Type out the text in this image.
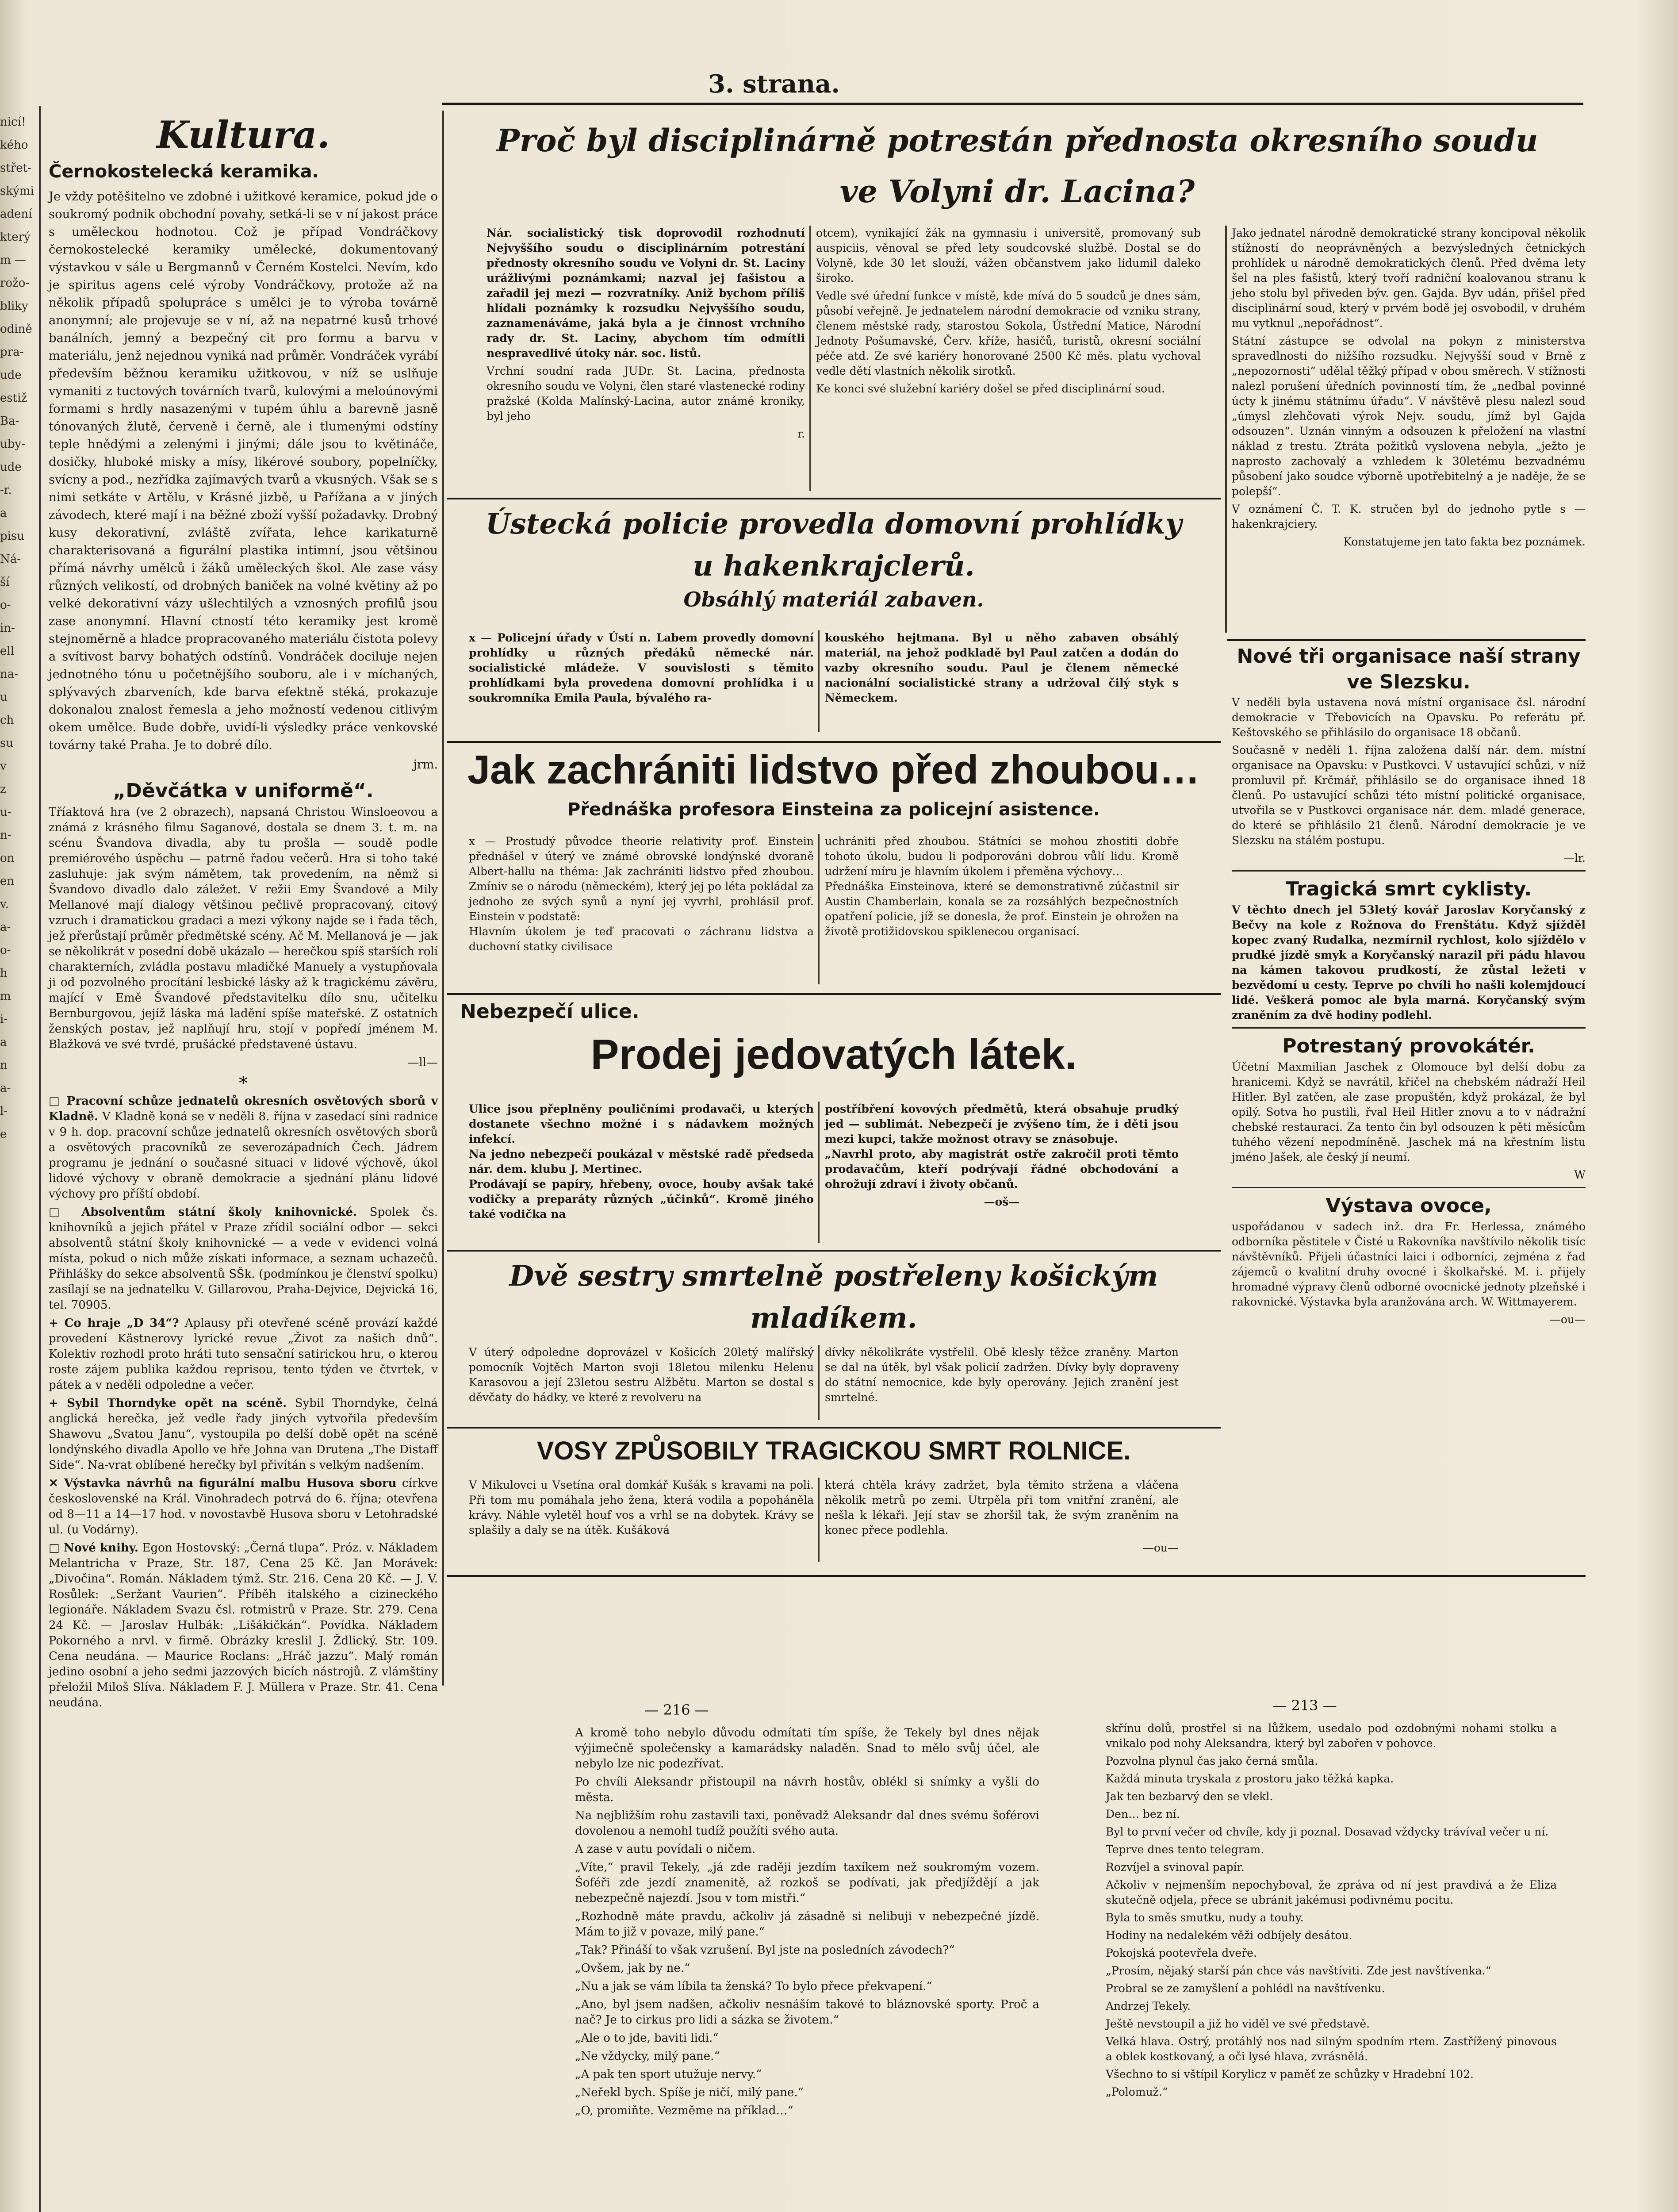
nicí!
kého
střet-
skými
adení
který
m —
rožo-
bliky
odině
pra-
ude
estiž
Ba-
uby-
ude
-r.
a
pisu
Ná-
ší
o-
in-
ell
na-
u
ch
su
v
z
u-
n-
on
en
v.
a-
o-
h
m
i-
a
n
a-
l-
e
3. strana.
Kultura.
Černokostelecká keramika.

Je vždy potěšitelno ve zdobné i užitkové keramice, pokud jde o soukromý podnik obchodní povahy, setká-li se v ní jakost práce s uměleckou hodnotou. Což je případ Vondráčkovy černokostelecké keramiky umělecké, dokumentovaný výstavkou v sále u Bergmannů v Černém Kostelci. Nevím, kdo je spiritus agens celé výroby Vondráčkovy, protože až na několik případů spolupráce s umělci je to výroba továrně anonymní; ale projevuje se v ní, až na nepatrné kusů trhové banálních, jemný a bezpečný cit pro formu a barvu v materiálu, jenž nejednou vyniká nad průměr. Vondráček vyrábí především běžnou keramiku užitkovou, v níž se uslňuje vymaniti z tuctových továrních tvarů, kulovými a meloúnovými formami s hrdly nasazenými v tupém úhlu a barevně jasně tónovaných žlutě, červeně i černě, ale i tlumenými odstíny teple hnědými a zelenými i jinými; dále jsou to květináče, dosičky, hluboké misky a mísy, likérové soubory, popelníčky, svícny a pod., nezřídka zajímavých tvarů a vkusných. Však se s nimi setkáte v Artělu, v Krásné jizbě, u Pařížana a v jiných závodech, které mají i na běžné zboží vyšší požadavky. Drobný kusy dekorativní, zvláště zvířata, lehce karikaturně charakterisovaná a figurální plastika intimní, jsou většinou přímá návrhy umělců i žáků uměleckých škol. Ale zase vásy různých velikostí, od drobných baniček na volné květiny až po velké dekorativní vázy ušlechtilých a vznosných profilů jsou zase anonymní. Hlavní ctností této keramiky jest kromě stejnoměrně a hladce propracovaného materiálu čistota polevy a svítivost barvy bohatých odstínů. Vondráček dociluje nejen jednotného tónu u početnějšího souboru, ale i v míchaných, splývavých zbarveních, kde barva efektně stéká, prokazuje dokonalou znalost řemesla a jeho možností vedenou citlivým okem umělce. Bude dobře, uvidí-li výsledky práce venkovské továrny také Praha. Je to dobré dílo.

jrm.

„Děvčátka v uniformě“.

Tříaktová hra (ve 2 obrazech), napsaná Christou Winsloeovou a známá z krásného filmu Saganové, dostala se dnem 3. t. m. na scénu Švandova divadla, aby tu prošla — soudě podle premiérového úspěchu — patrně řadou večerů. Hra si toho také zasluhuje: jak svým námětem, tak provedením, na němž si Švandovo divadlo dalo záležet. V režii Emy Švandové a Mily Mellanové mají dialogy většinou pečlivě propracovaný, citový vzruch i dramatickou gradaci a mezi výkony najde se i řada těch, jež přerůstají průměr předmětské scény. Ač M. Mellanová je — jak se několikrát v posední době ukázalo — herečkou spíš starších rolí charakterních, zvládla postavu mladičké Manuely a vystupňovala ji od pozvolného procítání lesbické lásky až k tragickému závěru, mající v Emě Švandové představitelku dílo snu, učitelku Bernburgovou, jejíž láska má ladění spíše mateřské. Z ostatních ženských postav, jež naplňují hru, stojí v popředí jménem M. Blažková ve své tvrdé, prušácké představené ústavu.

—ll—

*

□ Pracovní schůze jednatelů okresních osvětových sborů v Kladně. V Kladně koná se v neděli 8. října v zasedací síni radnice v 9 h. dop. pracovní schůze jednatelů okresních osvětových sborů a osvětových pracovníků ze severozápadních Čech. Jádrem programu je jednání o současné situaci v lidové výchově, úkol lidové výchovy v obraně demokracie a sjednání plánu lidové výchovy pro příští období.

□ Absolventům státní školy knihovnické. Spolek čs. knihovníků a jejich přátel v Praze zřídil sociální odbor — sekci absolventů státní školy knihovnické — a vede v evidenci volná místa, pokud o nich může získati informace, a seznam uchazečů. Přihlášky do sekce absolventů SŠk. (podmínkou je členství spolku) zasílají se na jednatelku V. Gillarovou, Praha-Dejvice, Dejvická 16, tel. 70905.

+ Co hraje „D 34“? Aplausy při otevřené scéně provází každé provedení Kästnerovy lyrické revue „Život za našich dnů“. Kolektiv rozhodl proto hráti tuto sensační satirickou hru, o kterou roste zájem publika každou reprisou, tento týden ve čtvrtek, v pátek a v neděli odpoledne a večer.

+ Sybil Thorndyke opět na scéně. Sybil Thorndyke, čelná anglická herečka, jež vedle řady jiných vytvořila především Shawovu „Svatou Janu“, vystoupila po delší době opět na scéně londýnského divadla Apollo ve hře Johna van Drutena „The Distaff Side“. Na-vrat oblíbené herečky byl přivítán s velkým nadšením.

✕ Výstavka návrhů na figurální malbu Husova sboru církve československé na Král. Vinohradech potrvá do 6. října; otevřena od 8—11 a 14—17 hod. v novostavbě Husova sboru v Letohradské ul. (u Vodárny).

□ Nové knihy. Egon Hostovský: „Černá tlupa“. Próz. v. Nákladem Melantricha v Praze, Str. 187, Cena 25 Kč. Jan Morávek: „Divočina“. Román. Nákladem týmž. Str. 216. Cena 20 Kč. — J. V. Rosůlek: „Seržant Vaurien“. Příběh italského a cizineckého legionáře. Nákladem Svazu čsl. rotmistrů v Praze. Str. 279. Cena 24 Kč. — Jaroslav Hulbák: „Lišákičkán“. Povídka. Nákladem Pokorného a nrvl. v firmě. Obrázky kreslil J. Ždlický. Str. 109. Cena neudána. — Maurice Roclans: „Hráč jazzu“. Malý román jedino osobní a jeho sedmi jazzových bicích nástrojů. Z vlámštiny přeložil Miloš Slíva. Nákladem F. J. Müllera v Praze. Str. 41. Cena neudána.

Proč byl disciplinárně potrestán přednosta okresního soudu
ve Volyni dr. Lacina?

Nár. socialistický tisk doprovodil rozhodnutí Nejvyššího soudu o disciplinárním potrestání přednosty okresního soudu ve Volyni dr. St. Laciny urážlivými poznámkami; nazval jej fašistou a zařadil jej mezi — rozvratníky. Aniž bychom příliš hlídali poznámky k rozsudku Nejvyššího soudu, zaznamenáváme, jaká byla a je činnost vrchního rady dr. St. Laciny, abychom tím odmítli nespravedlivé útoky nár. soc. listů.

Vrchní soudní rada JUDr. St. Lacina, přednosta okresního soudu ve Volyni, člen staré vlastenecké rodiny pražské (Kolda Malínský-Lacina, autor známé kroniky, byl jeho

r.

otcem), vynikající žák na gymnasiu i universitě, promovaný sub auspiciis, věnoval se před lety soudcovské službě. Dostal se do Volyně, kde 30 let slouží, vážen občanstvem jako lidumil daleko široko.

Vedle své úřední funkce v místě, kde mívá do 5 soudců je dnes sám, působí veřejně. Je jednatelem národní demokracie od vzniku strany, členem městské rady, starostou Sokola, Ústřední Matice, Národní Jednoty Pošumavské, Červ. kříže, hasičů, turistů, okresní sociální péče atd. Ze své kariéry honorované 2500 Kč měs. platu vychoval vedle dětí vlastních několik sirotků.

Ke konci své služební kariéry došel se před disciplinární soud.

Jako jednatel národně demokratické strany koncipoval několik stížností do neoprávněných a bezvýsledných četnických prohlídek u národně demokratických členů. Před dvěma lety šel na ples fašistů, který tvoří radniční koalovanou stranu k jeho stolu byl přiveden býv. gen. Gajda. Byv udán, přišel před disciplinární soud, který v prvém bodě jej osvobodil, v druhém mu vytknul „nepořádnost“.

Státní zástupce se odvolal na pokyn z ministerstva spravedlnosti do nižšího rozsudku. Nejvyšší soud v Brně z „nepozornosti“ udělal těžký případ v obou směrech. V stížnosti nalezl porušení úředních povinností tím, že „nedbal povinné úcty k jinému státnímu úřadu“. V návštěvě plesu nalezl soud „úmysl zlehčovati výrok Nejv. soudu, jímž byl Gajda odsouzen“. Uznán vinným a odsouzen k přeložení na vlastní náklad z trestu. Ztráta požitků vyslovena nebyla, „ježto je naprosto zachovalý a vzhledem k 30letému bezvadnému působení jako soudce výborně upotřebitelný a je naděje, že se polepší“.

V oznámení Č. T. K. stručen byl do jednoho pytle s — hakenkrajciery.

Konstatujeme jen tato fakta bez poznámek.

Ústecká policie provedla domovní prohlídky
u hakenkrajclerů.
Obsáhlý materiál zabaven.

x — Policejní úřady v Ústí n. Labem provedly domovní prohlídky u různých předáků německé nár. socialistické mládeže. V souvislosti s těmito prohlídkami byla provedena domovní prohlídka i u soukromníka Emila Paula, bývalého ra-

kouského hejtmana. Byl u něho zabaven obsáhlý materiál, na jehož podkladě byl Paul zatčen a dodán do vazby okresního soudu. Paul je členem německé nacionální socialistické strany a udržoval čilý styk s Německem.

Jak zachrániti lidstvo před zhoubou…
Přednáška profesora Einsteina za policejní asistence.

x — Prostudý původce theorie relativity prof. Einstein přednášel v úterý ve známé obrovské londýnské dvoraně Albert-hallu na théma: Jak zachrániti lidstvo před zhoubou. Zmíniv se o národu (německém), který jej po léta pokládal za jednoho ze svých synů a nyní jej vyvrhl, prohlásil prof. Einstein v podstatě:
Hlavním úkolem je teď pracovati o záchranu lidstva a duchovní statky civilisace

uchrániti před zhoubou. Státníci se mohou zhostiti dobře tohoto úkolu, budou li podporováni dobrou vůlí lidu. Kromě udržení míru je hlavním úkolem i přeměna výchovy…
Přednáška Einsteinova, které se demonstrativně zúčastnil sir Austin Chamberlain, konala se za rozsáhlých bezpečnostních opatření policie, jíž se donesla, že prof. Einstein je ohrožen na životě protižidovskou spiklenecou organisací.

Nebezpečí ulice.
Prodej jedovatých látek.

Ulice jsou přeplněny pouličními prodavači, u kterých dostanete všechno možné i s nádavkem možných infekcí.
Na jedno nebezpečí poukázal v městské radě předseda nár. dem. klubu J. Mertinec.
Prodávají se papíry, hřebeny, ovoce, houby avšak také vodičky a preparáty různých „účinků“. Kromě jiného také vodička na

postříbření kovových předmětů, která obsahuje prudký jed — sublimát. Nebezpečí je zvýšeno tím, že i děti jsou mezi kupci, takže možnost otravy se znásobuje.
„Navrhl proto, aby magistrát ostře zakročil proti těmto prodavačům, kteří podrývají řádné obchodování a ohrožují zdraví i životy občanů.

—oš—

Dvě sestry smrtelně postřeleny košickým
mladíkem.

V úterý odpoledne doprovázel v Košicích 20letý malířský pomocník Vojtěch Marton svoji 18letou milenku Helenu Karasovou a její 23letou sestru Alžbětu. Marton se dostal s děvčaty do hádky, ve které z revolveru na

dívky několikráte vystřelil. Obě klesly těžce zraněny. Marton se dal na útěk, byl však policií zadržen. Dívky byly dopraveny do státní nemocnice, kde byly operovány. Jejich zranění jest smrtelné.

VOSY ZPŮSOBILY TRAGICKOU SMRT ROLNICE.

V Mikulovci u Vsetína oral domkář Kušák s kravami na poli. Při tom mu pomáhala jeho žena, která vodila a popoháněla krávy. Náhle vyletěl houf vos a vrhl se na dobytek. Krávy se splašily a daly se na útěk. Kušáková

která chtěla krávy zadržet, byla těmito stržena a vláčena několik metrů po zemi. Utrpěla při tom vnitřní zranění, ale nešla k lékaři. Její stav se zhoršil tak, že svým zraněním na konec přece podlehla.

—ou—

Nové tři organisace naší strany ve Slezsku.

V neděli byla ustavena nová místní organisace čsl. národní demokracie v Třebovicích na Opavsku. Po referátu př. Keštovského se přihlásilo do organisace 18 občanů.

Současně v neděli 1. října založena další nár. dem. místní organisace na Opavsku: v Pustkovci. V ustavující schůzi, v níž promluvil př. Krčmář, přihlásilo se do organisace ihned 18 členů. Po ustavující schůzi této místní politické organisace, utvořila se v Pustkovci organisace nár. dem. mladé generace, do které se přihlásilo 21 členů. Národní demokracie je ve Slezsku na stálém postupu.

—lr.

Tragická smrt cyklisty.

V těchto dnech jel 53letý kovář Jaroslav Koryčanský z Bečvy na kole z Rožnova do Frenštátu. Když sjížděl kopec zvaný Rudalka, nezmírnil rychlost, kolo sjíždělo v prudké jízdě smyk a Koryčanský narazil při pádu hlavou na kámen takovou prudkostí, že zůstal ležeti v bezvědomí u cesty. Teprve po chvíli ho našli kolemjdoucí lidé. Veškerá pomoc ale byla marná. Koryčanský svým zraněním za dvě hodiny podlehl.

Potrestaný provokátér.

Účetní Maxmilian Jaschek z Olomouce byl delší dobu za hranicemi. Když se navrátil, křičel na chebském nádraží Heil Hitler. Byl zatčen, ale zase propuštěn, když prokázal, že byl opilý. Sotva ho pustili, řval Heil Hitler znovu a to v nádražní chebské restauraci. Za tento čin byl odsouzen k pěti měsícům tuhého vězení nepodmíněně. Jaschek má na křestním listu jméno Jašek, ale český jí neumí.

W

Výstava ovoce,

uspořádanou v sadech inž. dra Fr. Herlessa, známého odborníka pěstitele v Čisté u Rakovníka navštívilo několik tisíc návštěvníků. Přijeli účastníci laici i odborníci, zejména z řad zájemců o kvalitní druhy ovocné i školkařské. M. i. přijely hromadné výpravy členů odborné ovocnické jednoty plzeňské i rakovnické. Výstavka byla aranžována arch. W. Wittmayerem.

—ou—

— 216 —

A kromě toho nebylo důvodu odmítati tím spíše, že Tekely byl dnes nějak výjimečně společensky a kamarádsky naladěn. Snad to mělo svůj účel, ale nebylo lze nic podezřívat.

Po chvíli Aleksandr přistoupil na návrh hostův, oblékl si snímky a vyšli do města.

Na nejbližším rohu zastavili taxi, poněvadž Aleksandr dal dnes svému šoférovi dovolenou a nemohl tudíž použíti svého auta.

A zase v autu povídali o ničem.

„Víte,“ pravil Tekely, „já zde raději jezdím taxíkem než soukromým vozem. Šoféři zde jezdí znamenitě, až rozkoš se podívati, jak předjíždějí a jak nebezpečně najezdí. Jsou v tom mistři.“

„Rozhodně máte pravdu, ačkoliv já zásadně si nelibuji v nebezpečné jízdě. Mám to již v povaze, milý pane.“

„Tak? Přináší to však vzrušení. Byl jste na posledních závodech?“

„Ovšem, jak by ne.“

„Nu a jak se vám líbila ta ženská? To bylo přece překvapení.“

„Ano, byl jsem nadšen, ačkoliv nesnáším takové to bláznovské sporty. Proč a nač? Je to cirkus pro lidi a sázka se životem.“

„Ale o to jde, baviti lidi.“

„Ne vždycky, milý pane.“

„A pak ten sport utužuje nervy.“

„Neřekl bych. Spíše je ničí, milý pane.“

„O, promiňte. Vezměme na příklad…“

— 213 —

skřínu dolů, prostřel si na lůžkem, usedalo pod ozdobnými nohami stolku a vnikalo pod nohy Aleksandra, který byl zabořen v pohovce.

Pozvolna plynul čas jako černá smůla.

Každá minuta tryskala z prostoru jako těžká kapka.

Jak ten bezbarvý den se vlekl.

Den… bez ní.

Byl to první večer od chvíle, kdy ji poznal. Dosavad vždycky trávíval večer u ní.

Teprve dnes tento telegram.

Rozvíjel a svinoval papír.

Ačkoliv v nejmenším nepochyboval, že zpráva od ní jest pravdivá a že Eliza skutečně odjela, přece se ubránit jakémusi podivnému pocitu.

Byla to směs smutku, nudy a touhy.

Hodiny na nedalekém věži odbíjely desátou.

Pokojská pootevřela dveře.

„Prosím, nějaký starší pán chce vás navštíviti. Zde jest navštívenka.“

Probral se ze zamyšlení a pohlédl na navštívenku.

Andrzej Tekely.

Ještě nevstoupil a již ho viděl ve své představě.

Velká hlava. Ostrý, protáhlý nos nad silným spodním rtem. Zastřížený pinovous a oblek kostkovaný, a oči lysé hlava, zvrásnělá.

Všechno to si vštípil Korylicz v paměť ze schůzky v Hradební 102.

„Polomuž.“
